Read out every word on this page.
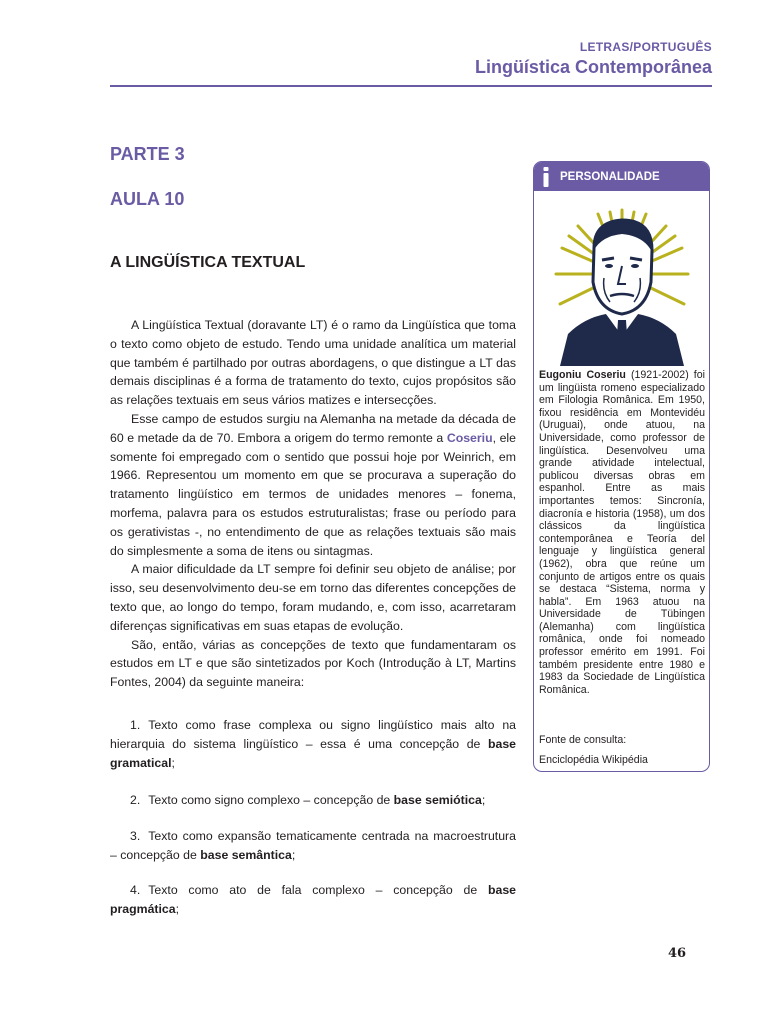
LETRAS/PORTUGUÊS
Lingüística Contemporânea
PARTE 3
AULA 10
A LINGÜÍSTICA TEXTUAL

A Lingüística Textual (doravante LT) é o ramo da Lingüística que toma o texto como objeto de estudo. Tendo uma unidade analítica um material que também é partilhado por outras abordagens, o que distingue a LT das demais disciplinas é a forma de tratamento do texto, cujos propósitos são as relações textuais em seus vários matizes e intersecções.

Esse campo de estudos surgiu na Alemanha na metade da década de 60 e metade da de 70. Embora a origem do termo remonte a Coseriu, ele somente foi empregado com o sentido que possui hoje por Weinrich, em 1966. Representou um momento em que se procurava a superação do tratamento lingüístico em termos de unidades menores – fonema, morfema, palavra para os estudos estruturalistas; frase ou período para os gerativistas -, no entendimento de que as relações textuais são mais do simplesmente a soma de itens ou sintagmas.

A maior dificuldade da LT sempre foi definir seu objeto de análise; por isso, seu desenvolvimento deu-se em torno das diferentes concepções de texto que, ao longo do tempo, foram mudando, e, com isso, acarretaram diferenças significativas em suas etapas de evolução.

São, então, várias as concepções de texto que fundamentaram os estudos em LT e que são sintetizados por Koch (Introdução à LT, Martins Fontes, 2004) da seguinte maneira:

1. Texto como frase complexa ou signo lingüístico mais alto na hierarquia do sistema lingüístico – essa é uma concepção de base gramatical;
2. Texto como signo complexo – concepção de base semiótica;
3. Texto como expansão tematicamente centrada na macroestrutura – concepção de base semântica;
4. Texto como ato de fala complexo – concepção de base pragmática;
PERSONALIDADE
Eugoniu Coseriu (1921-2002) foi um lingüista romeno especializado em Filologia Românica. Em 1950, fixou residência em Montevidéu (Uruguai), onde atuou, na Universidade, como professor de lingüística. Desenvolveu uma grande atividade intelectual, publicou diversas obras em espanhol. Entre as mais importantes temos: Sincronía, diacronía e historia (1958), um dos clássicos da lingüística contemporânea e Teoría del lenguaje y lingüística general (1962), obra que reúne um conjunto de artigos entre os quais se destaca “Sistema, norma y habla”. Em 1963 atuou na Universidade de Tübingen (Alemanha) com lingüística românica, onde foi nomeado professor emérito em 1991. Foi também presidente entre 1980 e 1983 da Sociedade de Lingüística Românica.
Fonte de consulta:
Enciclopédia Wikipédia
46
